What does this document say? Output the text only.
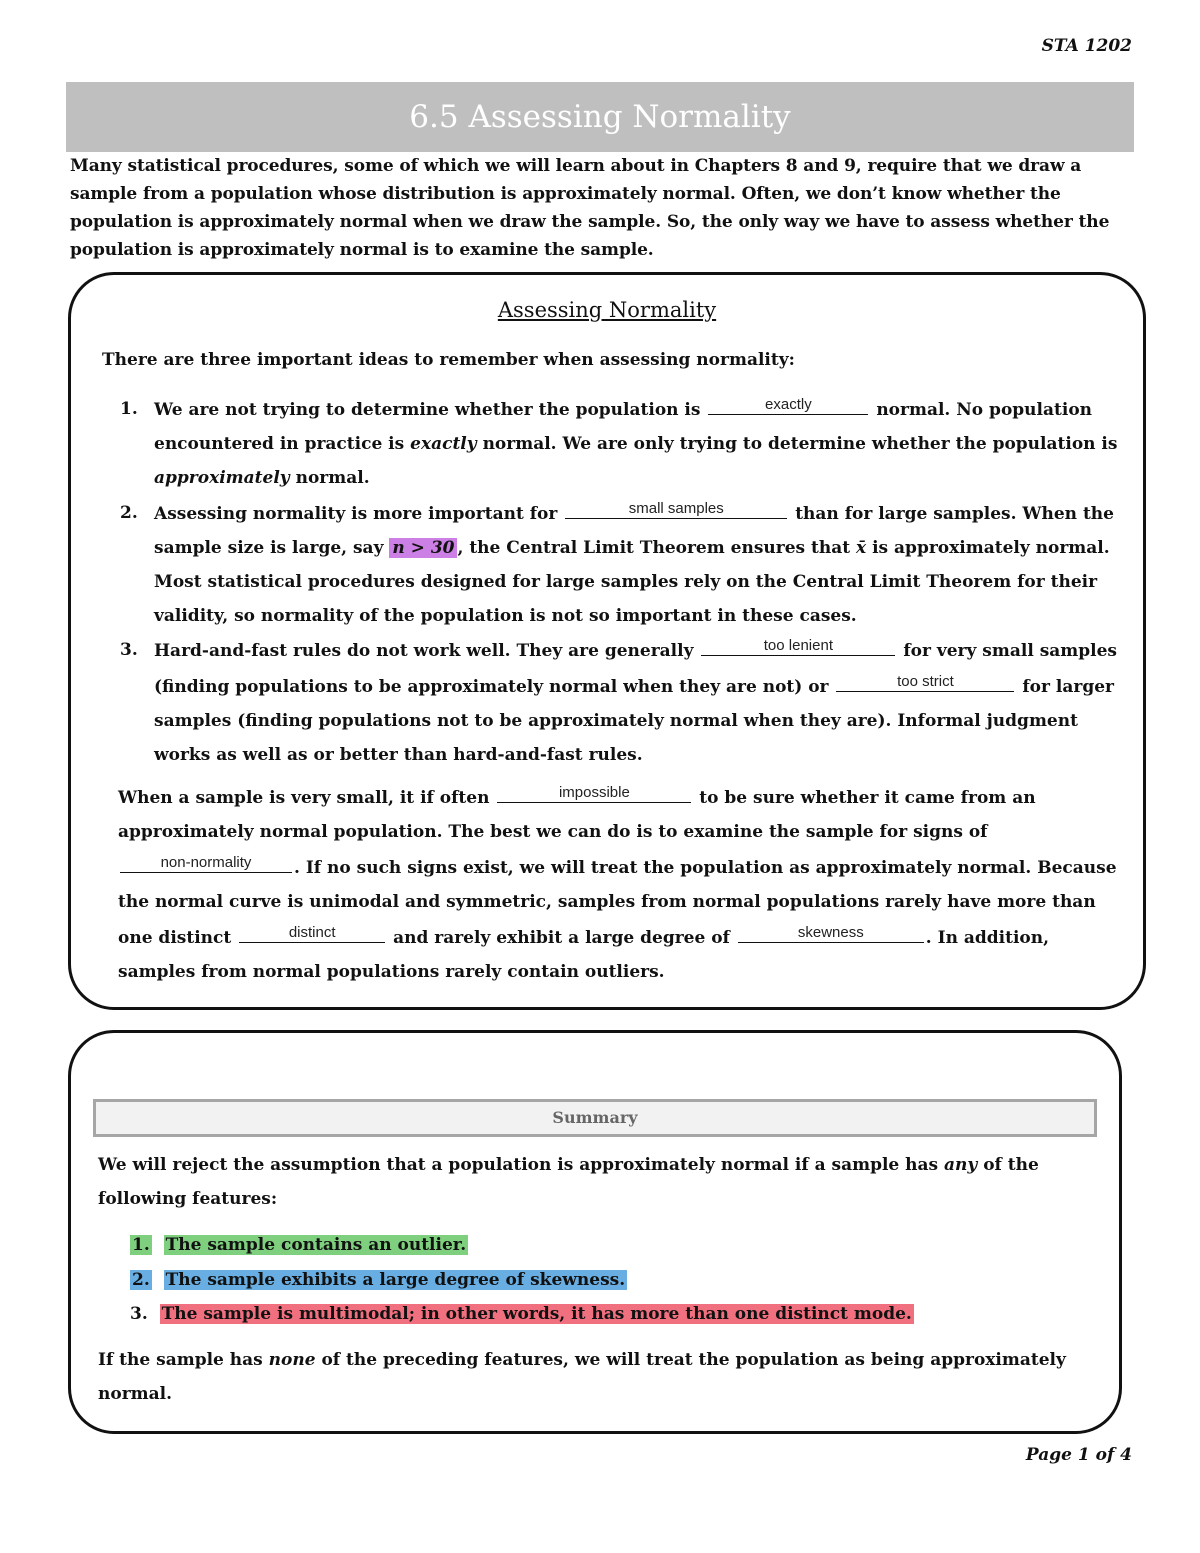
STA 1202
6.5 Assessing Normality
Many statistical procedures, some of which we will learn about in Chapters 8 and 9, require that we draw a sample from a population whose distribution is approximately normal. Often, we don’t know whether the population is approximately normal when we draw the sample. So, the only way we have to assess whether the population is approximately normal is to examine the sample.
Assessing Normality
There are three important ideas to remember when assessing normality:
1. We are not trying to determine whether the population is	exactly	normal. No population encountered in practice is exactly normal. We are only trying to determine whether the population is approximately normal.
2. Assessing normality is more important for	small samples	than for large samples. When the sample size is large, say n > 30 , the Central Limit Theorem ensures that x̄ is approximately normal. Most statistical procedures designed for large samples rely on the Central Limit Theorem for their validity, so normality of the population is not so important in these cases.
3. Hard-and-fast rules do not work well. They are generally	too lenient	for very small samples (finding populations to be approximately normal when they are not) or	too strict	for larger samples (finding populations not to be approximately normal when they are). Informal judgment works as well as or better than hard-and-fast rules.
When a sample is very small, it if often	impossible	to be sure whether it came from an approximately normal population. The best we can do is to examine the sample for signs of
non-normality	. If no such signs exist, we will treat the population as approximately normal. Because the normal curve is unimodal and symmetric, samples from normal populations rarely have more than one distinct	distinct	and rarely exhibit a large degree of	skewness	. In addition, samples from normal populations rarely contain outliers.
Summary
We will reject the assumption that a population is approximately normal if a sample has any of the following features:
1. The sample contains an outlier.
2. The sample exhibits a large degree of skewness.
3. The sample is multimodal; in other words, it has more than one distinct mode.
If the sample has none of the preceding features, we will treat the population as being approximately normal.
Page 1 of 4
